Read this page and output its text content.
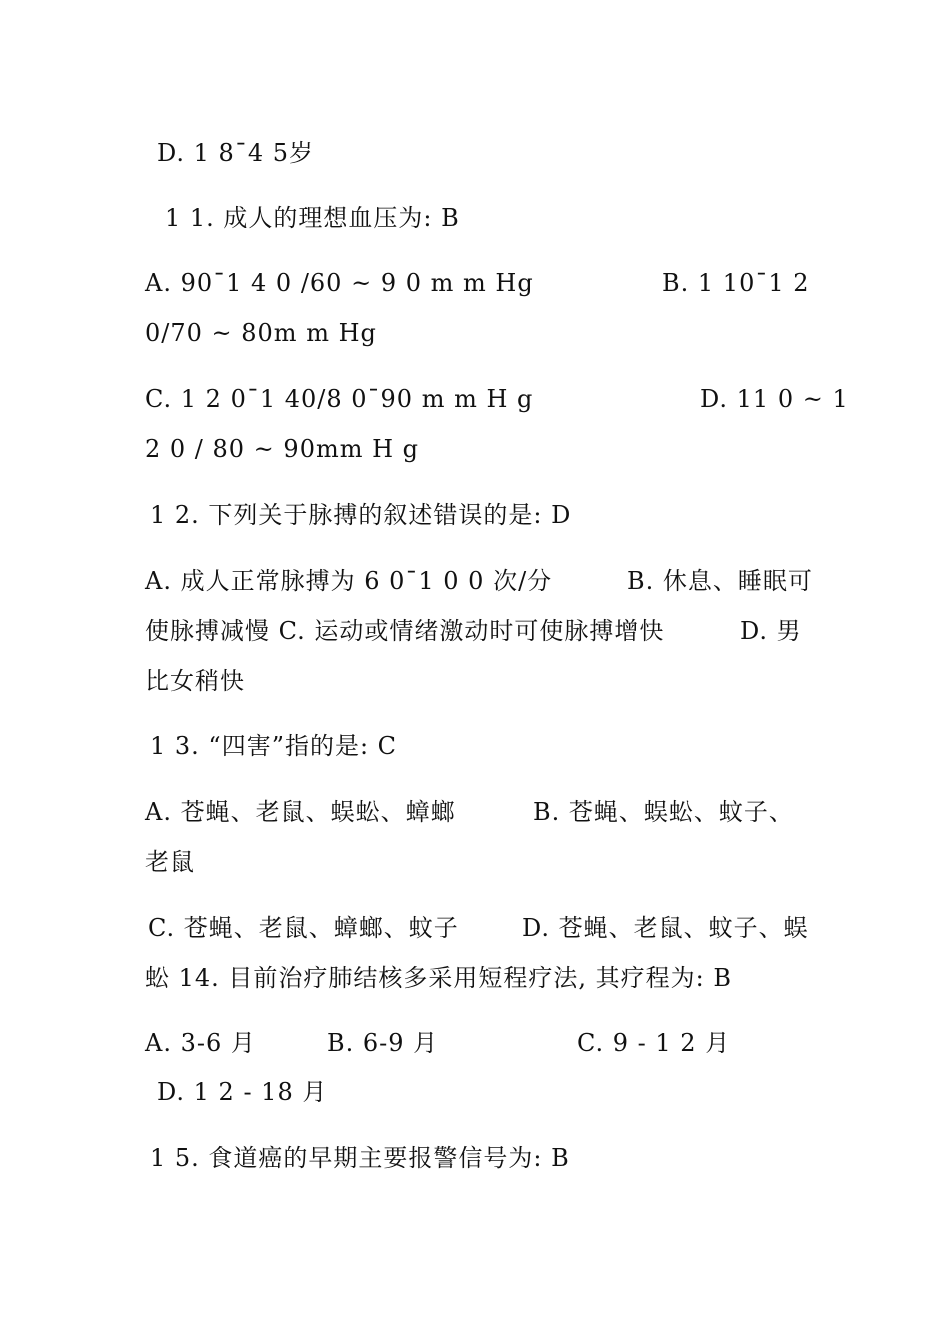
D. 1 8¯4 5岁
1 1. 成人的理想血压为: B
A. 90¯1 4 0 /60 ~ 9 0 m m Hg	B. 1 10¯1 2
0/70 ~ 80m m Hg
C. 1 2 0¯1 40/8 0¯90 m m H g	D. 11 0 ~ 1
2 0 / 80 ~ 90mm H g
1 2. 下列关于脉搏的叙述错误的是: D
A. 成人正常脉搏为 6 0¯1 0 0 次/分	B. 休息、睡眠可
使脉搏减慢 C. 运动或情绪激动时可使脉搏增快	D. 男
比女稍快
1 3. “四害”指的是: C
A. 苍蝇、老鼠、蜈蚣、蟑螂	B. 苍蝇、蜈蚣、蚊子、
老鼠
C. 苍蝇、老鼠、蟑螂、蚊子	D. 苍蝇、老鼠、蚊子、蜈
蚣 14. 目前治疗肺结核多采用短程疗法, 其疗程为: B
A. 3-6 月	B. 6-9 月	C. 9 - 1 2 月
D. 1 2 - 18 月
1 5. 食道癌的早期主要报警信号为: B
